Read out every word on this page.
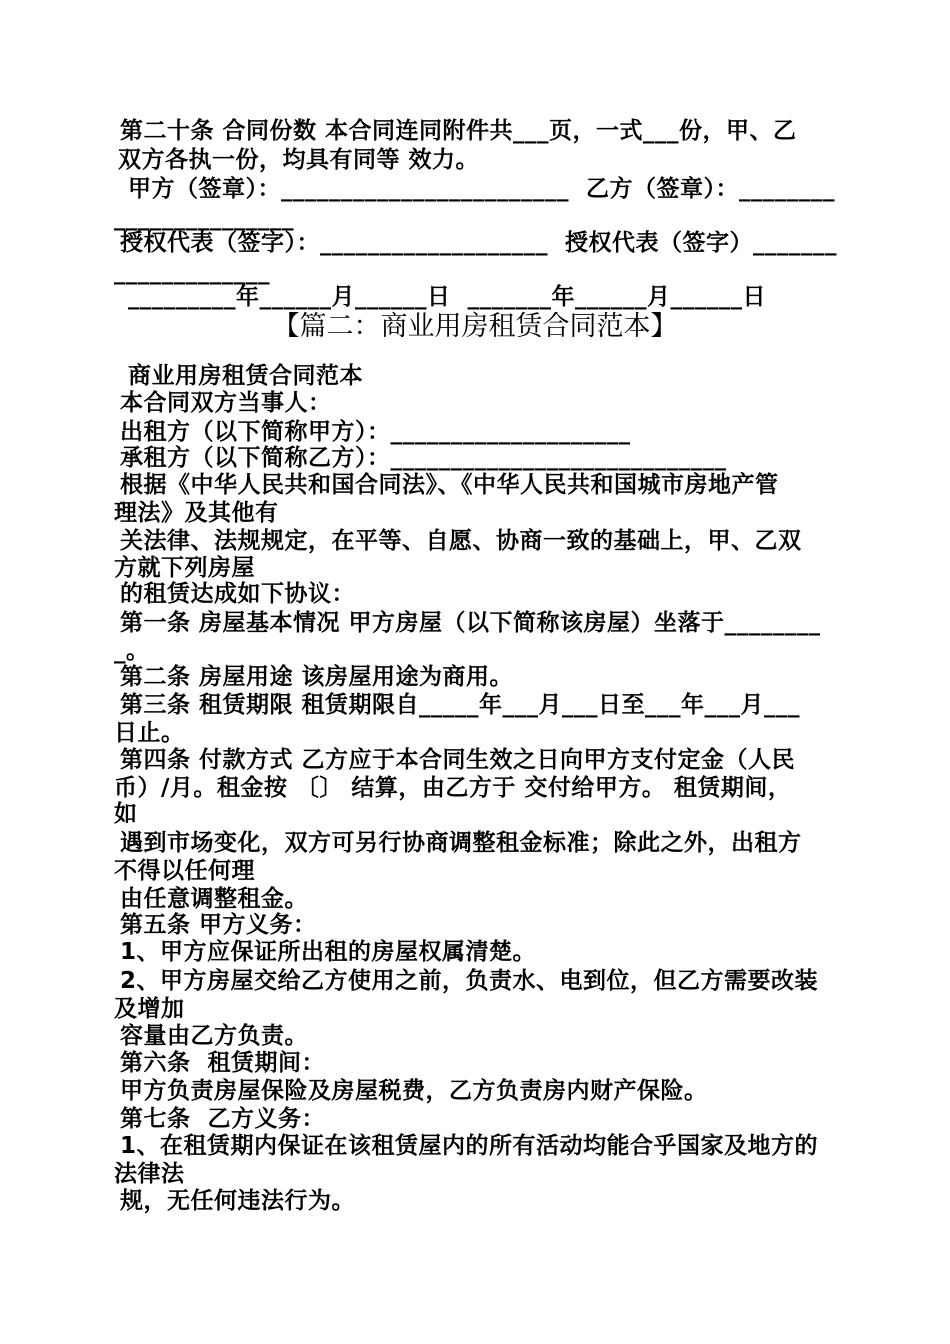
第二十条 合同份数 本合同连同附件共___页，一式___份，甲、乙

双方各执一份，均具有同等 效力。

甲方（签章）：________________________  乙方（签章）：________

_______________

授权代表（签字）：___________________  授权代表（签字）_______

_____________

_________年______月______日  _______年______月______日

【篇二：商业用房租赁合同范本】

商业用房租赁合同范本

本合同双方当事人：

出租方（以下简称甲方）：____________________

承租方（以下简称乙方）：____________________________

根据《中华人民共和国合同法》、《中华人民共和国城市房地产管

理法》及其他有

关法律、法规规定，在平等、自愿、协商一致的基础上，甲、乙双

方就下列房屋

的租赁达成如下协议：

第一条 房屋基本情况 甲方房屋（以下简称该房屋）坐落于________

_。

第二条 房屋用途 该房屋用途为商用。

第三条 租赁期限 租赁期限自_____年___月___日至___年___月___

日止。

第四条 付款方式 乙方应于本合同生效之日向甲方支付定金（人民

币）/月。租金按 〔〕 结算，由乙方于 交付给甲方。 租赁期间，

如

遇到市场变化，双方可另行协商调整租金标准；除此之外，出租方

不得以任何理

由任意调整租金。

第五条 甲方义务：

1、甲方应保证所出租的房屋权属清楚。

2、甲方房屋交给乙方使用之前，负责水、电到位，但乙方需要改装

及增加

容量由乙方负责。

第六条  租赁期间：

甲方负责房屋保险及房屋税费，乙方负责房内财产保险。

第七条  乙方义务：

1、在租赁期内保证在该租赁屋内的所有活动均能合乎国家及地方的

法律法

规，无任何违法行为。
